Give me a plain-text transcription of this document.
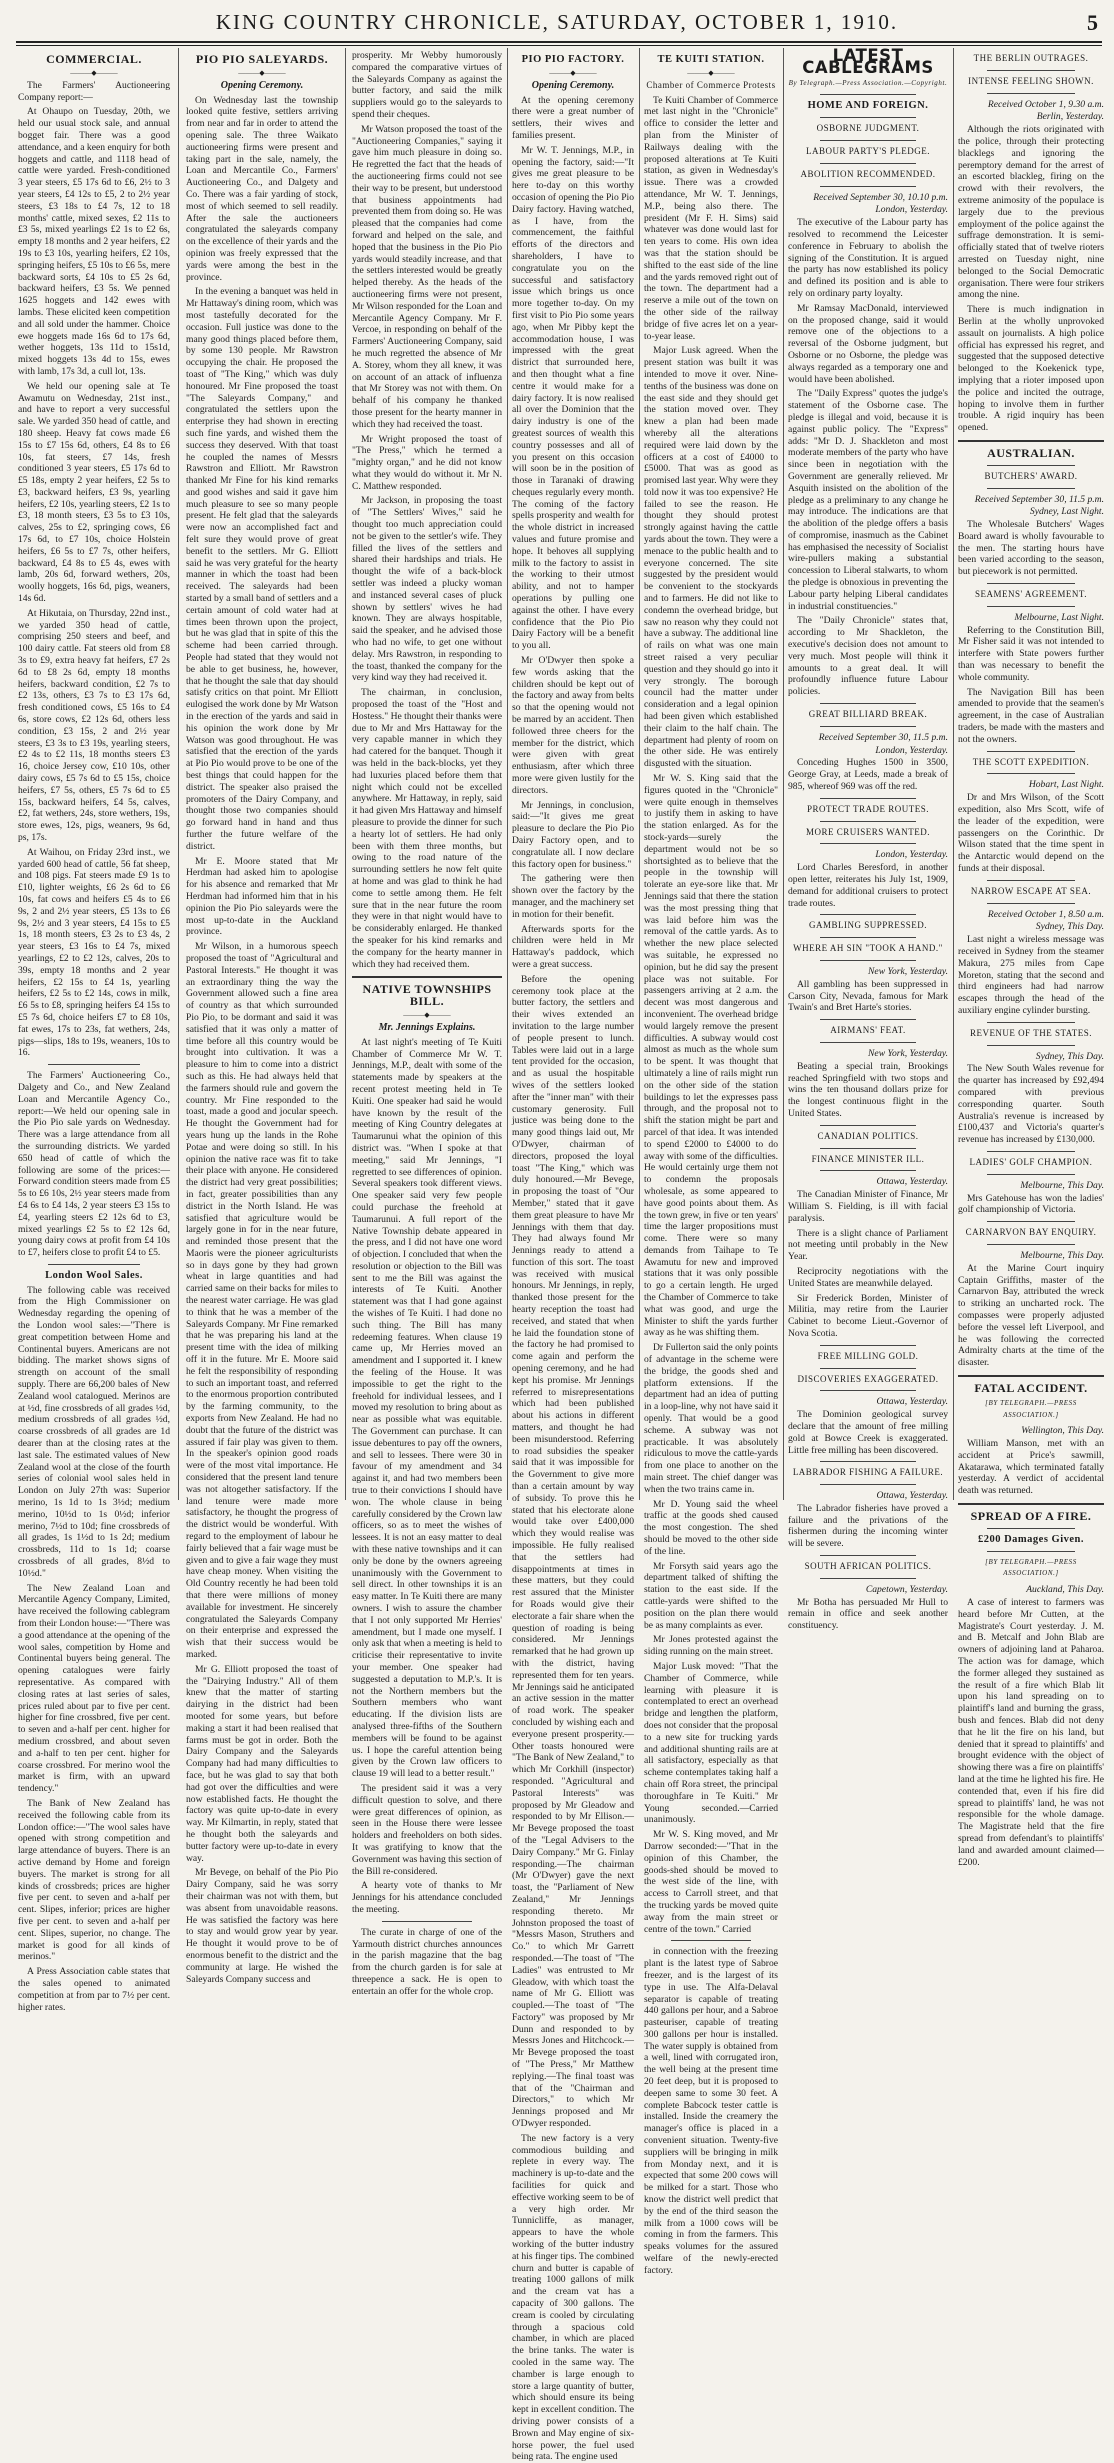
KING COUNTRY CHRONICLE, SATURDAY, OCTOBER 1, 1910.	5
COMMERCIAL.
———◆———

The Farmers' Auctioneering Company report:—

At Ohaupo on Tuesday, 20th, we held our usual stock sale, and annual bogget fair. There was a good attendance, and a keen enquiry for both hoggets and cattle, and 1118 head of cattle were yarded. Fresh-conditioned 3 year steers, £5 17s 6d to £6, 2½ to 3 year steers, £4 12s to £5, 2 to 2½ year steers, £3 18s to £4 7s, 12 to 18 months' cattle, mixed sexes, £2 11s to £3 5s, mixed yearlings £2 1s to £2 6s, empty 18 months and 2 year heifers, £2 19s to £3 10s, yearling heifers, £2 10s, springing heifers, £5 10s to £6 5s, mere backward sorts, £4 10s to £5 2s 6d, backward heifers, £3 5s. We penned 1625 hoggets and 142 ewes with lambs. These elicited keen competition and all sold under the hammer. Choice ewe hoggets made 16s 6d to 17s 6d, wether hoggets, 13s 11d to 15s1d, mixed hoggets 13s 4d to 15s, ewes with lamb, 17s 3d, a cull lot, 13s.

We held our opening sale at Te Awamutu on Wednesday, 21st inst., and have to report a very successful sale. We yarded 350 head of cattle, and 180 sheep. Heavy fat cows made £6 15s to £7 15s 6d, others, £4 8s to £6 10s, fat steers, £7 14s, fresh conditioned 3 year steers, £5 17s 6d to £5 18s, empty 2 year heifers, £2 5s to £3, backward heifers, £3 9s, yearling heifers, £2 10s, yearling steers, £2 1s to £3, 18 month steers, £3 5s to £3 10s, calves, 25s to £2, springing cows, £6 17s 6d, to £7 10s, choice Holstein heifers, £6 5s to £7 7s, other heifers, backward, £4 8s to £5 4s, ewes with lamb, 20s 6d, forward wethers, 20s, woolly hoggets, 16s 6d, pigs, weaners, 14s 6d.

At Hikutaia, on Thursday, 22nd inst., we yarded 350 head of cattle, comprising 250 steers and beef, and 100 dairy cattle. Fat steers old from £8 3s to £9, extra heavy fat heifers, £7 2s 6d to £8 2s 6d, empty 18 months heifers, backward condition, £2 7s to £2 13s, others, £3 7s to £3 17s 6d, fresh conditioned cows, £5 16s to £4 6s, store cows, £2 12s 6d, others less condition, £3 15s, 2 and 2½ year steers, £3 3s to £3 19s, yearling steers, £2 4s to £2 11s, 18 months steers £3 16, choice Jersey cow, £10 10s, other dairy cows, £5 7s 6d to £5 15s, choice heifers, £7 5s, others, £5 7s 6d to £5 15s, backward heifers, £4 5s, calves, £2, fat wethers, 24s, store wethers, 19s, store ewes, 12s, pigs, weaners, 9s 6d, ps, 17s.

At Waihou, on Friday 23rd inst., we yarded 600 head of cattle, 56 fat sheep, and 108 pigs. Fat steers made £9 1s to £10, lighter weights, £6 2s 6d to £6 10s, fat cows and heifers £5 4s to £6 9s, 2 and 2½ year steers, £5 13s to £6 9s, 2½ and 3 year steers, £4 15s to £5 1s, 18 month steers, £3 2s to £3 4s, 2 year steers, £3 16s to £4 7s, mixed yearlings, £2 to £2 12s, calves, 20s to 39s, empty 18 months and 2 year heifers, £2 15s to £4 1s, yearling heifers, £2 5s to £2 14s, cows in milk, £6 5s to £8, springing heifers £4 15s to £5 7s 6d, choice heifers £7 to £8 10s, fat ewes, 17s to 23s, fat wethers, 24s, pigs—slips, 18s to 19s, weaners, 10s to 16.

The Farmers' Auctioneering Co., Dalgety and Co., and New Zealand Loan and Mercantile Agency Co., report:—We held our opening sale in the Pio Pio sale yards on Wednesday. There was a large attendance from all the surrounding districts. We yarded 650 head of cattle of which the following are some of the prices:—Forward condition steers made from £5 5s to £6 10s, 2½ year steers made from £4 6s to £4 14s, 2 year steers £3 15s to £4, yearling steers £2 12s 6d to £3, mixed yearlings £2 5s to £2 12s 6d, young dairy cows at profit from £4 10s to £7, heifers close to profit £4 to £5.

London Wool Sales.

The following cable was received from the High Commissioner on Wednesday regarding the opening of the London wool sales:—"There is great competition between Home and Continental buyers. Americans are not bidding. The market shows signs of strength on account of the small supply. There are 66,200 bales of New Zealand wool catalogued. Merinos are at ½d, fine crossbreds of all grades ½d, medium crossbreds of all grades ½d, coarse crossbreds of all grades are 1d dearer than at the closing rates at the last sale. The estimated values of New Zealand wool at the close of the fourth series of colonial wool sales held in London on July 27th was: Superior merino, 1s 1d to 1s 3½d; medium merino, 10½d to 1s 0½d; inferior merino, 7½d to 10d; fine crossbreds of all grades, 1s 1½d to 1s 2d; medium crossbreds, 11d to 1s 1d; coarse crossbreds of all grades, 8½d to 10½d."

The New Zealand Loan and Mercantile Agency Company, Limited, have received the following cablegram from their London house:—"There was a good attendance at the opening of the wool sales, competition by Home and Continental buyers being general. The opening catalogues were fairly representative. As compared with closing rates at last series of sales, prices ruled about par to five per cent. higher for fine crossbred, five per cent. to seven and a-half per cent. higher for medium crossbred, and about seven and a-half to ten per cent. higher for coarse crossbred. For merino wool the market is firm, with an upward tendency."

The Bank of New Zealand has received the following cable from its London office:—"The wool sales have opened with strong competition and large attendance of buyers. There is an active demand by Home and foreign buyers. The market is strong for all kinds of crossbreds; prices are higher five per cent. to seven and a-half per cent. Slipes, inferior; prices are higher five per cent. to seven and a-half per cent. Slipes, superior, no change. The market is good for all kinds of merinos."

A Press Association cable states that the sales opened to animated competition at from par to 7½ per cent. higher rates.

PIO PIO SALEYARDS.
———◆———
Opening Ceremony.

On Wednesday last the township looked quite festive, settlers arriving from near and far in order to attend the opening sale. The three Waikato auctioneering firms were present and taking part in the sale, namely, the Loan and Mercantile Co., Farmers' Auctioneering Co., and Dalgety and Co. There was a fair yarding of stock, most of which seemed to sell readily. After the sale the auctioneers congratulated the saleyards company on the excellence of their yards and the opinion was freely expressed that the yards were among the best in the province.

In the evening a banquet was held in Mr Hattaway's dining room, which was most tastefully decorated for the occasion. Full justice was done to the many good things placed before them, by some 130 people. Mr Rawstron occupying the chair. He proposed the toast of "The King," which was duly honoured. Mr Fine proposed the toast "The Saleyards Company," and congratulated the settlers upon the enterprise they had shown in erecting such fine yards, and wished them the success they deserved. With that toast he coupled the names of Messrs Rawstron and Elliott. Mr Rawstron thanked Mr Fine for his kind remarks and good wishes and said it gave him much pleasure to see so many people present. He felt glad that the saleyards were now an accomplished fact and felt sure they would prove of great benefit to the settlers. Mr G. Elliott said he was very grateful for the hearty manner in which the toast had been received. The saleyards had been started by a small band of settlers and a certain amount of cold water had at times been thrown upon the project, but he was glad that in spite of this the scheme had been carried through. People had stated that they would not be able to get business, he, however, that he thought the sale that day should satisfy critics on that point. Mr Elliott eulogised the work done by Mr Watson in the erection of the yards and said in his opinion the work done by Mr Watson was good throughout. He was satisfied that the erection of the yards at Pio Pio would prove to be one of the best things that could happen for the district. The speaker also praised the promoters of the Dairy Company, and thought those two companies should go forward hand in hand and thus further the future welfare of the district.

Mr E. Moore stated that Mr Herdman had asked him to apologise for his absence and remarked that Mr Herdman had informed him that in his opinion the Pio Pio saleyards were the most up-to-date in the Auckland province.

Mr Wilson, in a humorous speech proposed the toast of "Agricultural and Pastoral Interests." He thought it was an extraordinary thing the way the Government allowed such a fine area of country as that which surrounded Pio Pio, to be dormant and said it was satisfied that it was only a matter of time before all this country would be brought into cultivation. It was a pleasure to him to come into a district such as this. He had always held that the farmers should rule and govern the country. Mr Fine responded to the toast, made a good and jocular speech. He thought the Government had for years hung up the lands in the Rohe Potae and were doing so still. In his opinion the native race was fit to take their place with anyone. He considered the district had very great possibilities; in fact, greater possibilities than any district in the North Island. He was satisfied that agriculture would be largely gone in for in the near future, and reminded those present that the Maoris were the pioneer agriculturists so in days gone by they had grown wheat in large quantities and had carried same on their backs for miles to the nearest water carriage. He was glad to think that he was a member of the Saleyards Company. Mr Fine remarked that he was preparing his land at the present time with the idea of milking off it in the future. Mr E. Moore said he felt the responsibility of responding to such an important toast, and referred to the enormous proportion contributed by the farming community, to the exports from New Zealand. He had no doubt that the future of the district was assured if fair play was given to them. In the speaker's opinion good roads were of the most vital importance. He considered that the present land tenure was not altogether satisfactory. If the land tenure were made more satisfactory, he thought the progress of the district would be wonderful. With regard to the employment of labour he fairly believed that a fair wage must be given and to give a fair wage they must have cheap money. When visiting the Old Country recently he had been told that there were millions of money available for investment. He sincerely congratulated the Saleyards Company on their enterprise and expressed the wish that their success would be marked.

Mr G. Elliott proposed the toast of the "Dairying Industry." All of them knew that the matter of starting dairying in the district had been mooted for some years, but before making a start it had been realised that farms must be got in order. Both the Dairy Company and the Saleyards Company had had many difficulties to face, but he was glad to say that both had got over the difficulties and were now established facts. He thought the factory was quite up-to-date in every way. Mr Kilmartin, in reply, stated that he thought both the saleyards and butter factory were up-to-date in every way.

Mr Bevege, on behalf of the Pio Pio Dairy Company, said he was sorry their chairman was not with them, but was absent from unavoidable reasons. He was satisfied the factory was here to stay and would grow year by year. He thought it would prove to be of enormous benefit to the district and the community at large. He wished the Saleyards Company success and

prosperity. Mr Webby humorously compared the comparative virtues of the Saleyards Company as against the butter factory, and said the milk suppliers would go to the saleyards to spend their cheques.

Mr Watson proposed the toast of the "Auctioneering Companies," saying it gave him much pleasure in doing so. He regretted the fact that the heads of the auctioneering firms could not see their way to be present, but understood that business appointments had prevented them from doing so. He was pleased that the companies had come forward and helped on the sale, and hoped that the business in the Pio Pio yards would steadily increase, and that the settlers interested would be greatly helped thereby. As the heads of the auctioneering firms were not present, Mr Wilson responded for the Loan and Mercantile Agency Company. Mr F. Vercoe, in responding on behalf of the Farmers' Auctioneering Company, said he much regretted the absence of Mr A. Storey, whom they all knew, it was on account of an attack of influenza that Mr Storey was not with them. On behalf of his company he thanked those present for the hearty manner in which they had received the toast.

Mr Wright proposed the toast of "The Press," which he termed a "mighty organ," and he did not know what they would do without it. Mr N. C. Matthew responded.

Mr Jackson, in proposing the toast of "The Settlers' Wives," said he thought too much appreciation could not be given to the settler's wife. They filled the lives of the settlers and shared their hardships and trials. He thought the wife of a back-block settler was indeed a plucky woman and instanced several cases of pluck shown by settlers' wives he had known. They are always hospitable, said the speaker, and he advised those who had no wife, to get one without delay. Mrs Rawstron, in responding to the toast, thanked the company for the very kind way they had received it.

The chairman, in conclusion, proposed the toast of the "Host and Hostess." He thought their thanks were due to Mr and Mrs Hattaway for the very capable manner in which they had catered for the banquet. Though it was held in the back-blocks, yet they had luxuries placed before them that night which could not be excelled anywhere. Mr Hattaway, in reply, said it had given Mrs Hattaway and himself pleasure to provide the dinner for such a hearty lot of settlers. He had only been with them three months, but owing to the road nature of the surrounding settlers he now felt quite at home and was glad to think he had come to settle among them. He felt sure that in the near future the room they were in that night would have to be considerably enlarged. He thanked the speaker for his kind remarks and the company for the hearty manner in which they had received them.

NATIVE TOWNSHIPS BILL.
———◆———
Mr. Jennings Explains.

At last night's meeting of Te Kuiti Chamber of Commerce Mr W. T. Jennings, M.P., dealt with some of the statements made by speakers at the recent protest meeting held in Te Kuiti. One speaker had said he would have known by the result of the meeting of King Country delegates at Taumarunui what the opinion of this district was. "When I spoke at that meeting," said Mr Jennings, "I regretted to see differences of opinion. Several speakers took different views. One speaker said very few people could purchase the freehold at Taumarunui. A full report of the Native Township debate appeared in the press, and I did not have one word of objection. I concluded that when the resolution or objection to the Bill was sent to me the Bill was against the interests of Te Kuiti. Another statement was that I had gone against the wishes of Te Kuiti. I had done no such thing. The Bill has many redeeming features. When clause 19 came up, Mr Herries moved an amendment and I supported it. I knew the feeling of the House. It was impossible to get the right to the freehold for individual lessees, and I moved my resolution to bring about as near as possible what was equitable. The Government can purchase. It can issue debentures to pay off the owners, and sell to lessees. There were 30 in favour of my amendment and 34 against it, and had two members been true to their convictions I should have won. The whole clause in being carefully considered by the Crown law officers, so as to meet the wishes of lessees. It is not an easy matter to deal with these native townships and it can only be done by the owners agreeing unanimously with the Government to sell direct. In other townships it is an easy matter. In Te Kuiti there are many owners. I wish to assure the chamber that I not only supported Mr Herries' amendment, but I made one myself. I only ask that when a meeting is held to criticise their representative to invite your member. One speaker had suggested a deputation to M.P.'s. It is not the Northern members but the Southern members who want educating. If the division lists are analysed three-fifths of the Southern members will be found to be against us. I hope the careful attention being given by the Crown law officers to clause 19 will lead to a better result."

The president said it was a very difficult question to solve, and there were great differences of opinion, as seen in the House there were lessee holders and freeholders on both sides. It was gratifying to know that the Government was having this section of the Bill re-considered.

A hearty vote of thanks to Mr Jennings for his attendance concluded the meeting.

The curate in charge of one of the Yarmouth district churches announces in the parish magazine that the bag from the church garden is for sale at threepence a sack. He is open to entertain an offer for the whole crop.

PIO PIO FACTORY.
———◆———
Opening Ceremony.

At the opening ceremony there were a great number of settlers, their wives and families present.

Mr W. T. Jennings, M.P., in opening the factory, said:—"It gives me great pleasure to be here to-day on this worthy occasion of opening the Pio Pio Dairy factory. Having watched, as I have, from the commencement, the faithful efforts of the directors and shareholders, I have to congratulate you on the successful and satisfactory issue which brings us once more together to-day. On my first visit to Pio Pio some years ago, when Mr Pibby kept the accommodation house, I was impressed with the great district that surrounded here, and then thought what a fine centre it would make for a dairy factory. It is now realised all over the Dominion that the dairy industry is one of the greatest sources of wealth this country possesses and all of you present on this occasion will soon be in the position of those in Taranaki of drawing cheques regularly every month. The coming of the factory spells prosperity and wealth for the whole district in increased values and future promise and hope. It behoves all supplying milk to the factory to assist in the working to their utmost ability, and not to hamper operations by pulling one against the other. I have every confidence that the Pio Pio Dairy Factory will be a benefit to you all.

Mr O'Dwyer then spoke a few words asking that the children should be kept out of the factory and away from belts so that the opening would not be marred by an accident. Then followed three cheers for the member for the district, which were given with great enthusiasm, after which three more were given lustily for the directors.

Mr Jennings, in conclusion, said:—"It gives me great pleasure to declare the Pio Pio Dairy Factory open, and to congratulate all. I now declare this factory open for business."

The gathering were then shown over the factory by the manager, and the machinery set in motion for their benefit.

Afterwards sports for the children were held in Mr Hattaway's paddock, which were a great success.

Before the opening ceremony took place at the butter factory, the settlers and their wives extended an invitation to the large number of people present to lunch. Tables were laid out in a large tent provided for the occasion, and as usual the hospitable wives of the settlers looked after the "inner man" with their customary generosity. Full justice was being done to the many good things laid out, Mr O'Dwyer, chairman of directors, proposed the loyal toast "The King," which was duly honoured.—Mr Bevege, in proposing the toast of "Our Member," stated that it gave them great pleasure to have Mr Jennings with them that day. They had always found Mr Jennings ready to attend a function of this sort. The toast was received with musical honours. Mr Jennings, in reply, thanked those present for the hearty reception the toast had received, and stated that when he laid the foundation stone of the factory he had promised to come again and perform the opening ceremony, and he had kept his promise. Mr Jennings referred to misrepresentations which had been published about his actions in different matters, and thought he had been misunderstood. Referring to road subsidies the speaker said that it was impossible for the Government to give more than a certain amount by way of subsidy. To prove this he stated that his electorate alone would take over £400,000 which they would realise was impossible. He fully realised that the settlers had disappointments at times in these matters, but they could rest assured that the Minister for Roads would give their electorate a fair share when the question of roading is being considered. Mr Jennings remarked that he had grown up with the district, having represented them for ten years. Mr Jennings said he anticipated an active session in the matter of road work. The speaker concluded by wishing each and everyone present prosperity.—Other toasts honoured were "The Bank of New Zealand," to which Mr Corkhill (inspector) responded. "Agricultural and Pastoral Interests" was proposed by Mr Gleadow and responded to by Mr Ellison.—Mr Bevege proposed the toast of the "Legal Advisers to the Dairy Company." Mr G. Finlay responding.—The chairman (Mr O'Dwyer) gave the next toast, the "Parliament of New Zealand," Mr Jennings responding thereto. Mr Johnston proposed the toast of "Messrs Mason, Struthers and Co." to which Mr Garrett responded.—The toast of "The Ladies" was entrusted to Mr Gleadow, with which toast the name of Mr G. Elliott was coupled.—The toast of "The Factory" was proposed by Mr Dunn and responded to by Messrs Jones and Hitchcock.—Mr Bevege proposed the toast of "The Press," Mr Matthew replying.—The final toast was that of the "Chairman and Directors," to which Mr Jennings proposed and Mr O'Dwyer responded.

The new factory is a very commodious building and replete in every way. The machinery is up-to-date and the facilities for quick and effective working seem to be of a very high order. Mr Tunnicliffe, as manager, appears to have the whole working of the butter industry at his finger tips. The combined churn and butter is capable of treating 1000 gallons of milk and the cream vat has a capacity of 300 gallons. The cream is cooled by circulating through a spacious cold chamber, in which are placed the brine tanks. The water is cooled in the same way. The chamber is large enough to store a large quantity of butter, which should ensure its being kept in excellent condition. The driving power consists of a Brown and May engine of six-horse power, the fuel used being rata. The engine used

TE KUITI STATION.
———◆———
Chamber of Commerce Protests

Te Kuiti Chamber of Commerce met last night in the "Chronicle" office to consider the letter and plan from the Minister of Railways dealing with the proposed alterations at Te Kuiti station, as given in Wednesday's issue. There was a crowded attendance, Mr W. T. Jennings, M.P., being also there. The president (Mr F. H. Sims) said whatever was done would last for ten years to come. His own idea was that the station should be shifted to the east side of the line and the yards removed right out of the town. The department had a reserve a mile out of the town on the other side of the railway bridge of five acres let on a year-to-year lease.

Major Lusk agreed. When the present station was built it was intended to move it over. Nine-tenths of the business was done on the east side and they should get the station moved over. They knew a plan had been made whereby all the alterations required were laid down by the officers at a cost of £4000 to £5000. That was as good as promised last year. Why were they told now it was too expensive? He failed to see the reason. He thought they should protest strongly against having the cattle yards about the town. They were a menace to the public health and to everyone concerned. The site suggested by the president would be convenient to the stockyards and to farmers. He did not like to condemn the overhead bridge, but saw no reason why they could not have a subway. The additional line of rails on what was one main street raised a very peculiar question and they should go into it very strongly. The borough council had the matter under consideration and a legal opinion had been given which established their claim to the half chain. The department had plenty of room on the other side. He was entirely disgusted with the situation.

Mr W. S. King said that the figures quoted in the "Chronicle" were quite enough in themselves to justify them in asking to have the station enlarged. As for the stock-yards—surely the department would not be so shortsighted as to believe that the people in the township will tolerate an eye-sore like that. Mr Jennings said that there the station was the most pressing thing that was laid before him was the removal of the cattle yards. As to whether the new place selected was suitable, he expressed no opinion, but he did say the present place was not suitable. For passengers arriving at 2 a.m. the decent was most dangerous and inconvenient. The overhead bridge would largely remove the present difficulties. A subway would cost almost as much as the whole sum to be spent. It was thought that ultimately a line of rails might run on the other side of the station buildings to let the expresses pass through, and the proposal not to shift the station might be part and parcel of that idea. It was intended to spend £2000 to £4000 to do away with some of the difficulties. He would certainly urge them not to condemn the proposals wholesale, as some appeared to have good points about them. As the town grew, in five or ten years' time the larger propositions must come. There were so many demands from Taihape to Te Awamutu for new and improved stations that it was only possible to go a certain length. He urged the Chamber of Commerce to take what was good, and urge the Minister to shift the yards further away as he was shifting them.

Dr Fullerton said the only points of advantage in the scheme were the bridge, the goods shed and platform extensions. If the department had an idea of putting in a loop-line, why not have said it openly. That would be a good scheme. A subway was not practicable. It was absolutely ridiculous to move the cattle-yards from one place to another on the main street. The chief danger was when the two trains came in.

Mr D. Young said the wheel traffic at the goods shed caused the most congestion. The shed should be moved to the other side of the line.

Mr Forsyth said years ago the department talked of shifting the station to the east side. If the cattle-yards were shifted to the position on the plan there would be as many complaints as ever.

Mr Jones protested against the siding running on the main street.

Major Lusk moved: "That the Chamber of Commerce, while learning with pleasure it is contemplated to erect an overhead bridge and lengthen the platform, does not consider that the proposal to a new site for trucking yards and additional shunting rails are at all satisfactory, especially as that scheme contemplates taking half a chain off Rora street, the principal thoroughfare in Te Kuiti." Mr Young seconded.—Carried unanimously.

Mr W. S. King moved, and Mr Darrow seconded:—"That in the opinion of this Chamber, the goods-shed should be moved to the west side of the line, with access to Carroll street, and that the trucking yards be moved quite away from the main street or centre of the town." Carried

in connection with the freezing plant is the latest type of Sabroe freezer, and is the largest of its type in use. The Alfa-Delaval separator is capable of treating 440 gallons per hour, and a Sabroe pasteuriser, capable of treating 300 gallons per hour is installed. The water supply is obtained from a well, lined with corrugated iron, the well being at the present time 20 feet deep, but it is proposed to deepen same to some 30 feet. A complete Babcock tester cattle is installed. Inside the creamery the manager's office is placed in a convenient situation. Twenty-five suppliers will be bringing in milk from Monday next, and it is expected that some 200 cows will be milked for a start. Those who know the district well predict that by the end of the third season the milk from a 1000 cows will be coming in from the farmers. This speaks volumes for the assured welfare of the newly-erected factory.

LATEST CABLEGRAMS
By Telegraph.—Press Association.—Copyright.
HOME AND FOREIGN.
OSBORNE JUDGMENT.
LABOUR PARTY'S PLEDGE.
ABOLITION RECOMMENDED.
Received September 30, 10.10 p.m.
London, Yesterday.

The executive of the Labour party has resolved to recommend the Leicester conference in February to abolish the signing of the Constitution. It is argued the party has now established its policy and defined its position and is able to rely on ordinary party loyalty.

Mr Ramsay MacDonald, interviewed on the proposed change, said it would remove one of the objections to a reversal of the Osborne judgment, but Osborne or no Osborne, the pledge was always regarded as a temporary one and would have been abolished.

The "Daily Express" quotes the judge's statement of the Osborne case. The pledge is illegal and void, because it is against public policy. The "Express" adds: "Mr D. J. Shackleton and most moderate members of the party who have since been in negotiation with the Government are generally relieved. Mr Asquith insisted on the abolition of the pledge as a preliminary to any change he may introduce. The indications are that the abolition of the pledge offers a basis of compromise, inasmuch as the Cabinet has emphasised the necessity of Socialist wire-pullers making a substantial concession to Liberal stalwarts, to whom the pledge is obnoxious in preventing the Labour party helping Liberal candidates in industrial constituencies."

The "Daily Chronicle" states that, according to Mr Shackleton, the executive's decision does not amount to very much. Most people will think it amounts to a great deal. It will profoundly influence future Labour policies.

GREAT BILLIARD BREAK.
Received September 30, 11.5 p.m.
London, Yesterday.

Conceding Hughes 1500 in 3500, George Gray, at Leeds, made a break of 985, whereof 969 was off the red.

PROTECT TRADE ROUTES.
MORE CRUISERS WANTED.
London, Yesterday.

Lord Charles Beresford, in another open letter, reiterates his July 1st, 1909, demand for additional cruisers to protect trade routes.

GAMBLING SUPPRESSED.
WHERE AH SIN "TOOK A HAND."
New York, Yesterday.

All gambling has been suppressed in Carson City, Nevada, famous for Mark Twain's and Bret Harte's stories.

AIRMANS' FEAT.
New York, Yesterday.

Beating a special train, Brookings reached Springfield with two stops and wins the ten thousand dollars prize for the longest continuous flight in the United States.

CANADIAN POLITICS.
FINANCE MINISTER ILL.
Ottawa, Yesterday.

The Canadian Minister of Finance, Mr William S. Fielding, is ill with facial paralysis.

There is a slight chance of Parliament not meeting until probably in the New Year.

Reciprocity negotiations with the United States are meanwhile delayed.

Sir Frederick Borden, Minister of Militia, may retire from the Laurier Cabinet to become Lieut.-Governor of Nova Scotia.

FREE MILLING GOLD.
DISCOVERIES EXAGGERATED.
Ottawa, Yesterday.

The Dominion geological survey declare that the amount of free milling gold at Bowce Creek is exaggerated. Little free milling has been discovered.

LABRADOR FISHING A FAILURE.
Ottawa, Yesterday.

The Labrador fisheries have proved a failure and the privations of the fishermen during the incoming winter will be severe.

SOUTH AFRICAN POLITICS.
Capetown, Yesterday.

Mr Botha has persuaded Mr Hull to remain in office and seek another constituency.

THE BERLIN OUTRAGES.
INTENSE FEELING SHOWN.
Received October 1, 9.30 a.m.
Berlin, Yesterday.

Although the riots originated with the police, through their protecting blacklegs and ignoring the peremptory demand for the arrest of an escorted blackleg, firing on the crowd with their revolvers, the extreme animosity of the populace is largely due to the previous employment of the police against the suffrage demonstration. It is semi-officially stated that of twelve rioters arrested on Tuesday night, nine belonged to the Social Democratic organisation. There were four strikers among the nine.

There is much indignation in Berlin at the wholly unprovoked assault on journalists. A high police official has expressed his regret, and suggested that the supposed detective belonged to the Koekenick type, implying that a rioter imposed upon the police and incited the outrage, hoping to involve them in further trouble. A rigid inquiry has been opened.

AUSTRALIAN.
BUTCHERS' AWARD.
Received September 30, 11.5 p.m.
Sydney, Last Night.

The Wholesale Butchers' Wages Board award is wholly favourable to the men. The starting hours have been varied according to the season, but piecework is not permitted.

SEAMENS' AGREEMENT.
Melbourne, Last Night.

Referring to the Constitution Bill, Mr Fisher said it was not intended to interfere with State powers further than was necessary to benefit the whole community.

The Navigation Bill has been amended to provide that the seamen's agreement, in the case of Australian traders, be made with the masters and not the owners.

THE SCOTT EXPEDITION.
Hobart, Last Night.

Dr and Mrs Wilson, of the Scott expedition, also Mrs Scott, wife of the leader of the expedition, were passengers on the Corinthic. Dr Wilson stated that the time spent in the Antarctic would depend on the funds at their disposal.

NARROW ESCAPE AT SEA.
Received October 1, 8.50 a.m.
Sydney, This Day.

Last night a wireless message was received in Sydney from the steamer Makura, 275 miles from Cape Moreton, stating that the second and third engineers had had narrow escapes through the head of the auxiliary engine cylinder bursting.

REVENUE OF THE STATES.
Sydney, This Day.

The New South Wales revenue for the quarter has increased by £92,494 compared with previous corresponding quarter. South Australia's revenue is increased by £100,437 and Victoria's quarter's revenue has increased by £130,000.

LADIES' GOLF CHAMPION.
Melbourne, This Day.

Mrs Gatehouse has won the ladies' golf championship of Victoria.

CARNARVON BAY ENQUIRY.
Melbourne, This Day.

At the Marine Court inquiry Captain Griffiths, master of the Carnarvon Bay, attributed the wreck to striking an uncharted rock. The compasses were properly adjusted before the vessel left Liverpool, and he was following the corrected Admiralty charts at the time of the disaster.

FATAL ACCIDENT.
[BY TELEGRAPH.—PRESS ASSOCIATION.]
Wellington, This Day.

William Manson, met with an accident at Price's sawmill, Akatarawa, which terminated fatally yesterday. A verdict of accidental death was returned.

SPREAD OF A FIRE.
£200 Damages Given.
[BY TELEGRAPH.—PRESS ASSOCIATION.]
Auckland, This Day.

A case of interest to farmers was heard before Mr Cutten, at the Magistrate's Court yesterday. J. M. and B. Metcalf and John Blab are owners of adjoining land at Paharoa. The action was for damage, which the former alleged they sustained as the result of a fire which Blab lit upon his land spreading on to plaintiff's land and burning the grass, bush and fences. Blab did not deny that he lit the fire on his land, but denied that it spread to plaintiffs' and brought evidence with the object of showing there was a fire on plaintiffs' land at the time he lighted his fire. He contended that, even if his fire did spread to plaintiffs' land, he was not responsible for the whole damage. The Magistrate held that the fire spread from defendant's to plaintiffs' land and awarded amount claimed—£200.
